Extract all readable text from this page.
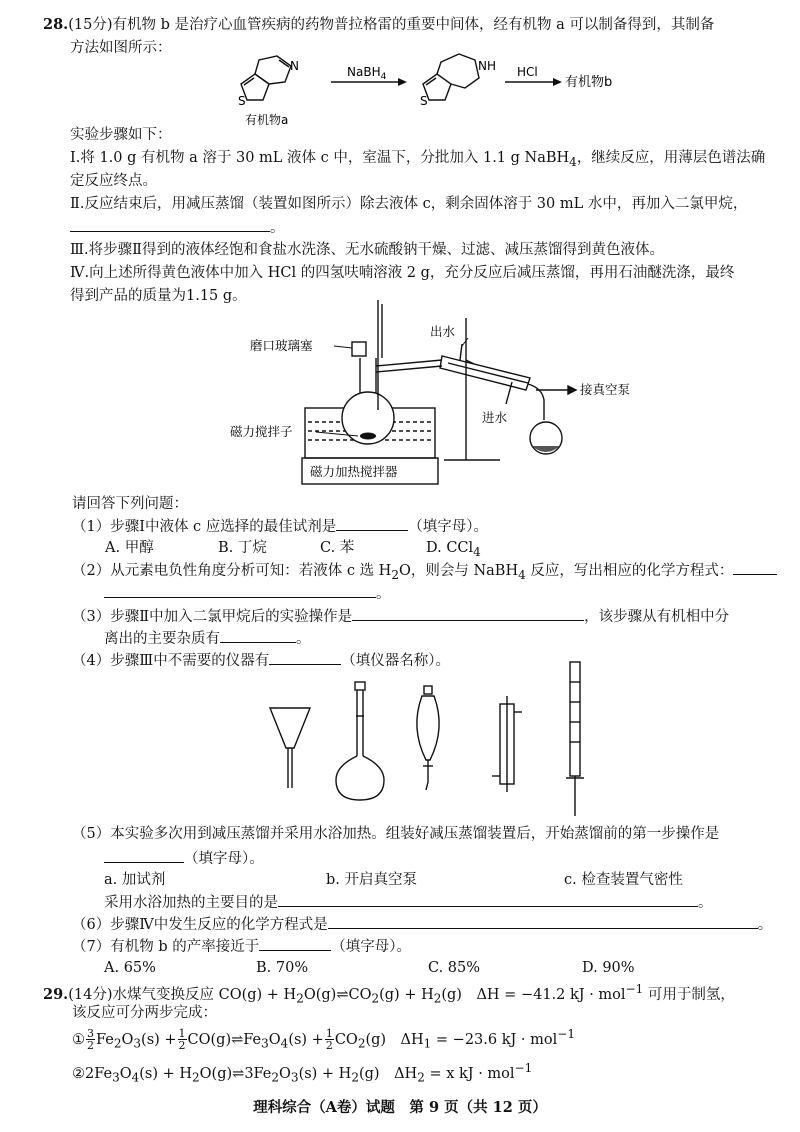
28.(15分)有机物 b 是治疗心血管疾病的药物普拉格雷的重要中间体，经有机物 a 可以制备得到，其制备
方法如图所示：
N
S
有机物a
NaBH$_4$
NH
S
HCl
有机物b
实验步骤如下：
Ⅰ.将 1.0 g 有机物 a 溶于 30 mL 液体 c 中，室温下，分批加入 1.1 g NaBH$_4$，继续反应，用薄层色谱法确
定反应终点。
Ⅱ.反应结束后，用减压蒸馏（装置如图所示）除去液体 c，剩余固体溶于 30 mL 水中，再加入二氯甲烷，
。
Ⅲ.将步骤Ⅱ得到的液体经饱和食盐水洗涤、无水硫酸钠干燥、过滤、减压蒸馏得到黄色液体。
Ⅳ.向上述所得黄色液体中加入 HCl 的四氢呋喃溶液 2 g，充分反应后减压蒸馏，再用石油醚洗涤，最终
得到产品的质量为1.15 g。
磨口玻璃塞
出水
接真空泵
进水
磁力搅拌子
磁力加热搅拌器
请回答下列问题：
（1）步骤Ⅰ中液体 c 应选择的最佳试剂是	（填字母）。
A. 甲醇	B. 丁烷	C. 苯	D. CCl$_4$
（2）从元素电负性角度分析可知：若液体 c 选 $H_2O$，则会与 NaBH$_4$ 反应，写出相应的化学方程式：
。
（3）步骤Ⅱ中加入二氯甲烷后的实验操作是	，该步骤从有机相中分
离出的主要杂质有	。
（4）步骤Ⅲ中不需要的仪器有	（填仪器名称）。
（5）本实验多次用到减压蒸馏并采用水浴加热。组装好减压蒸馏装置后，开始蒸馏前的第一步操作是
（填字母）。
a. 加试剂	b. 开启真空泵	c. 检查装置气密性
采用水浴加热的主要目的是	。
（6）步骤Ⅳ中发生反应的化学方程式是	。
（7）有机物 b 的产率接近于	（填字母）。
A. 65%	B. 70%	C. 85%	D. 90%
29.(14分)水煤气变换反应 $CO(g) + H_2O(g)\rightleftharpoons CO_2(g) + H_2(g)$　ΔH = −41.2 kJ · mol$^{-1}$ 可用于制氢，
该反应可分两步完成：
① $\frac{3}{2} Fe_2O_3(s) + \frac{1}{2}$ $CO(g)\rightleftharpoons Fe_3O_4(s) + \frac{1}{2} CO_2(g)$　$\Delta H_1 = -23.6$ kJ · mol$^{-1}$
$②2Fe_3O_4(s)$ + $H_2O(g)\rightleftharpoons 3Fe_2O_3(s) + H_2(g)$　$\Delta H_2 = x$ kJ · mol$^{-1}$
理科综合（A卷）试题　第 9 页（共 12 页）
